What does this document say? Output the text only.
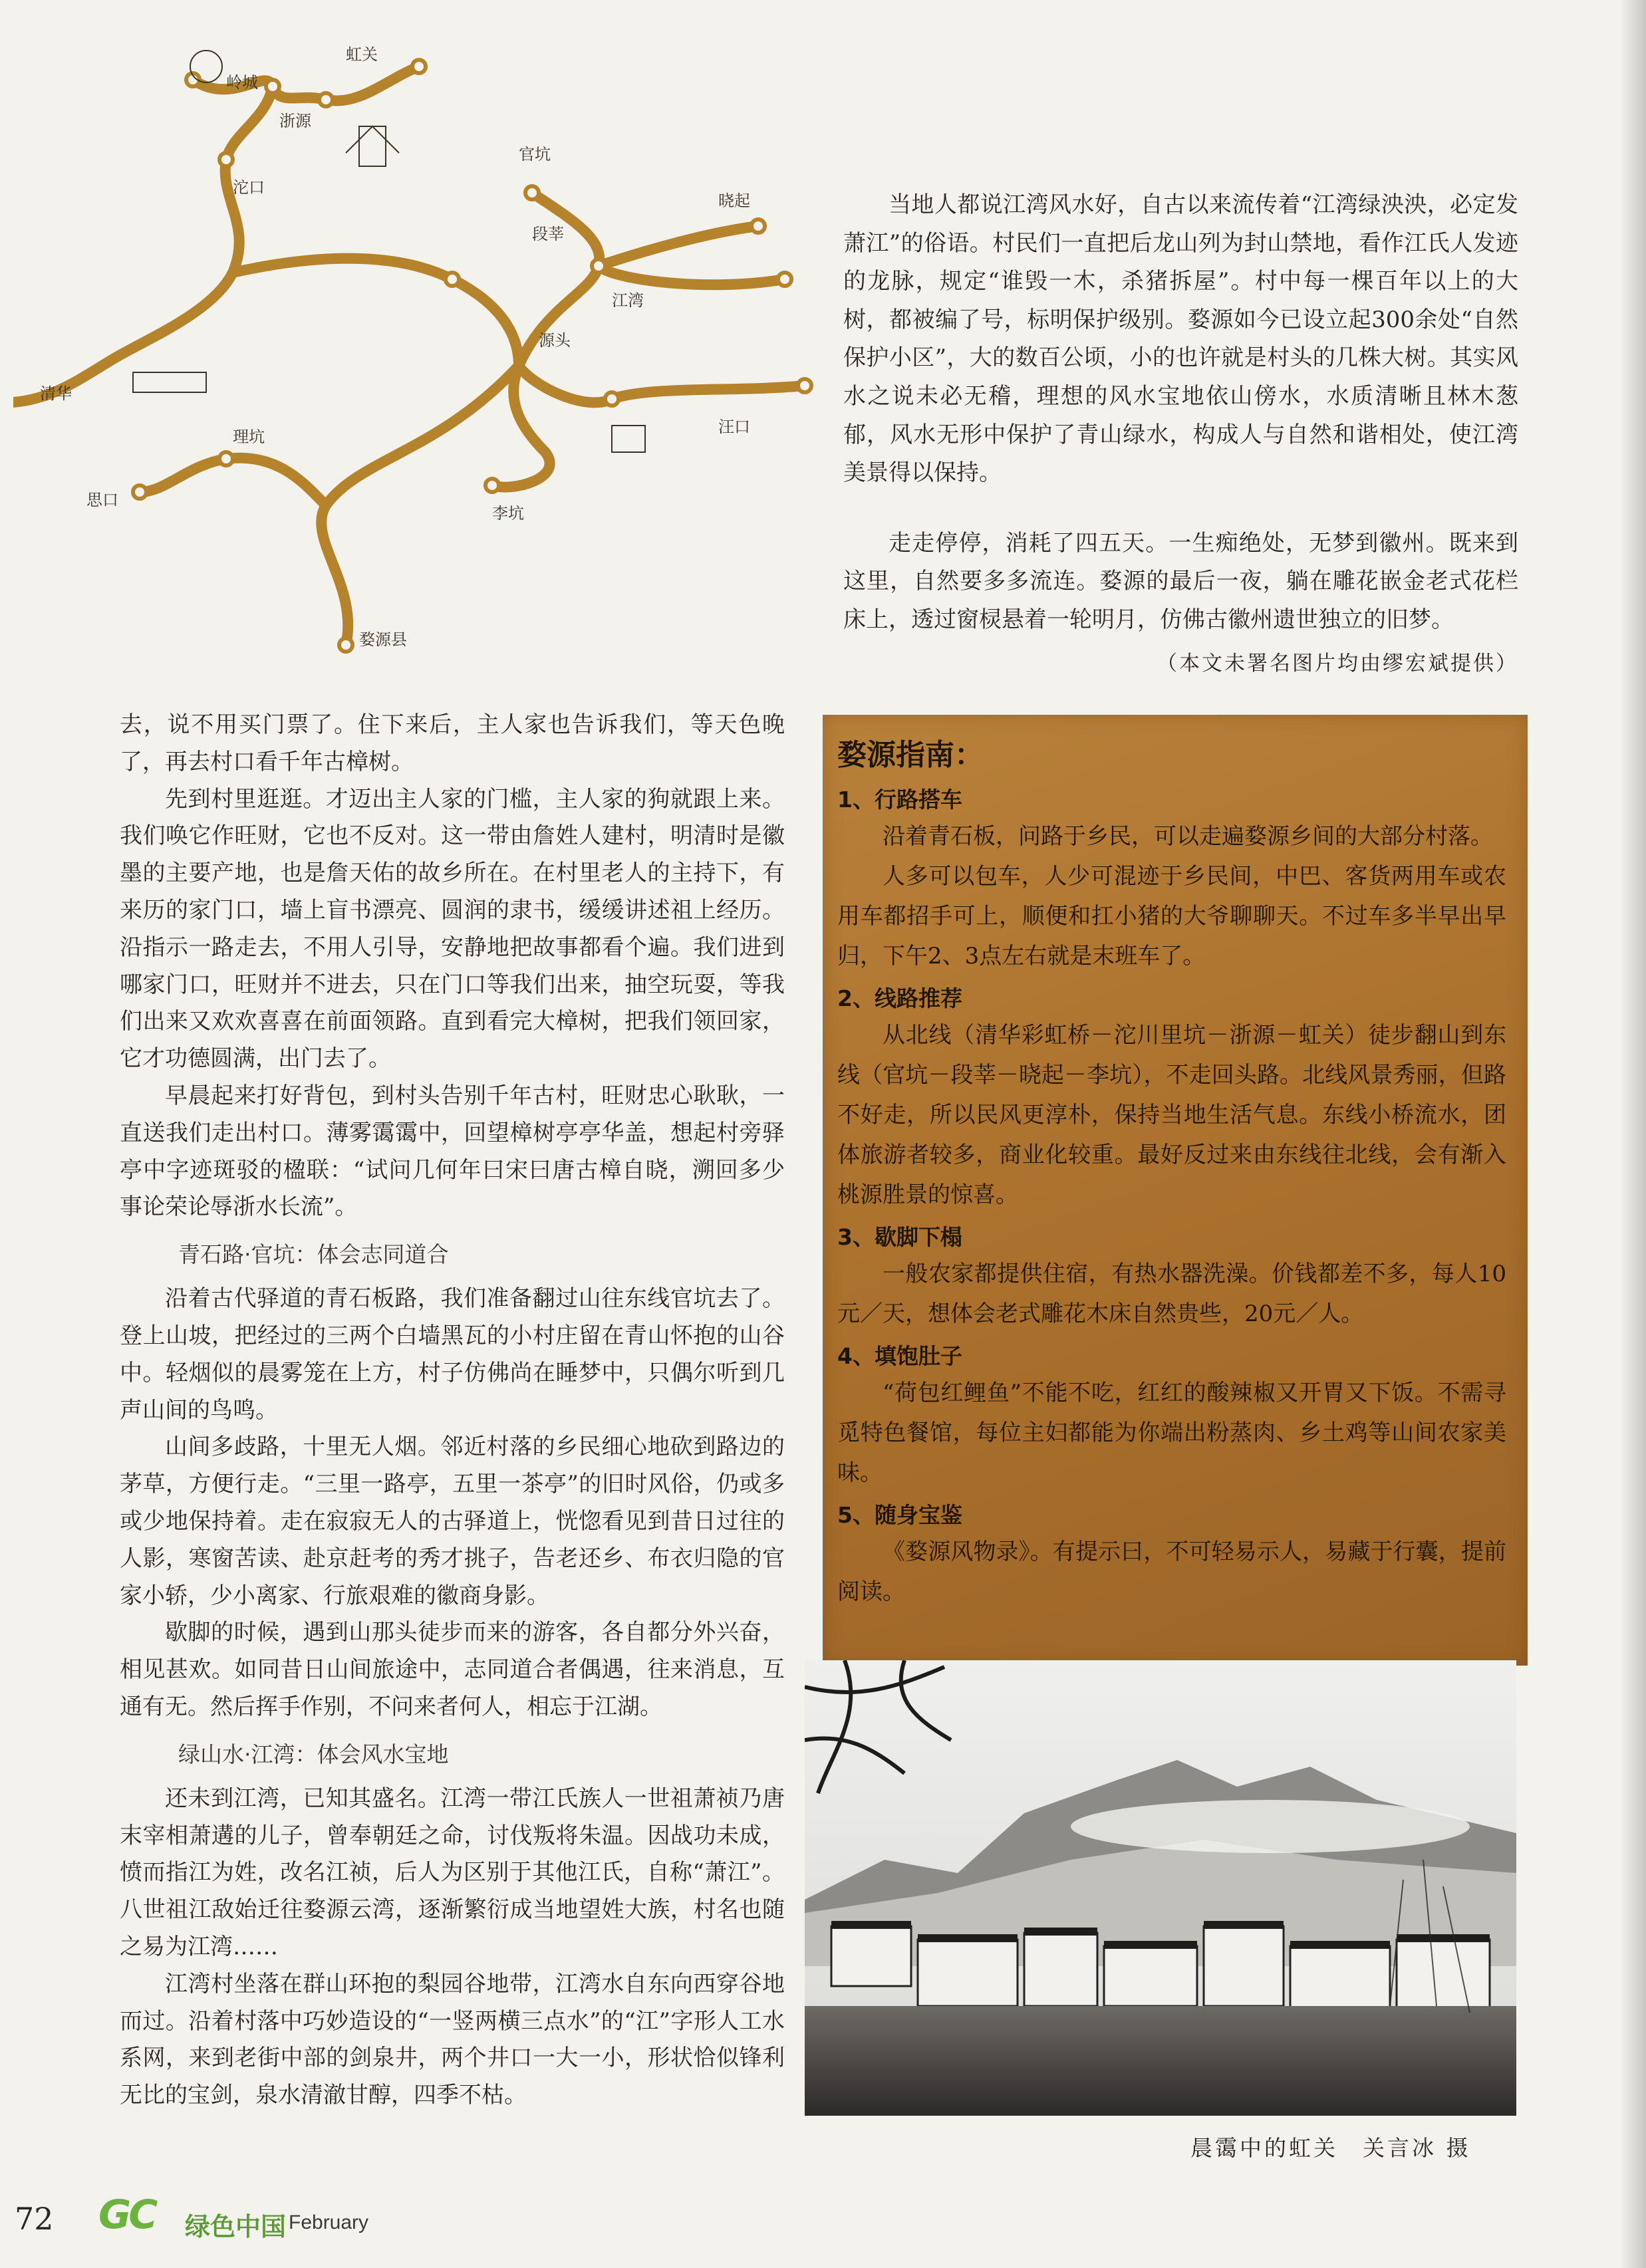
岭城
虹关
浙源
沱口
官坑
段莘
晓起
江湾
源头
汪口
李坑
婺源县
清华
思口
理坑

当地人都说江湾风水好，自古以来流传着“江湾绿泱泱，必定发萧江”的俗语。村民们一直把后龙山列为封山禁地，看作江氏人发迹的龙脉，规定“谁毁一木，杀猪拆屋”。村中每一棵百年以上的大树，都被编了号，标明保护级别。婺源如今已设立起300余处“自然保护小区”，大的数百公顷，小的也许就是村头的几株大树。其实风水之说未必无稽，理想的风水宝地依山傍水，水质清晰且林木葱郁，风水无形中保护了青山绿水，构成人与自然和谐相处，使江湾美景得以保持。

走走停停，消耗了四五天。一生痴绝处，无梦到徽州。既来到这里，自然要多多流连。婺源的最后一夜，躺在雕花嵌金老式花栏床上，透过窗棂悬着一轮明月，仿佛古徽州遗世独立的旧梦。

（本文未署名图片均由缪宏斌提供）

去，说不用买门票了。住下来后，主人家也告诉我们，等天色晚了，再去村口看千年古樟树。

先到村里逛逛。才迈出主人家的门槛，主人家的狗就跟上来。我们唤它作旺财，它也不反对。这一带由詹姓人建村，明清时是徽墨的主要产地，也是詹天佑的故乡所在。在村里老人的主持下，有来历的家门口，墙上盲书漂亮、圆润的隶书，缓缓讲述祖上经历。沿指示一路走去，不用人引导，安静地把故事都看个遍。我们进到哪家门口，旺财并不进去，只在门口等我们出来，抽空玩耍，等我们出来又欢欢喜喜在前面领路。直到看完大樟树，把我们领回家，它才功德圆满，出门去了。

早晨起来打好背包，到村头告别千年古村，旺财忠心耿耿，一直送我们走出村口。薄雾霭霭中，回望樟树亭亭华盖，想起村旁驿亭中字迹斑驳的楹联：“试问几何年曰宋曰唐古樟自晓，溯回多少事论荣论辱浙水长流”。

青石路·官坑：体会志同道合

沿着古代驿道的青石板路，我们准备翻过山往东线官坑去了。登上山坡，把经过的三两个白墙黑瓦的小村庄留在青山怀抱的山谷中。轻烟似的晨雾笼在上方，村子仿佛尚在睡梦中，只偶尔听到几声山间的鸟鸣。

山间多歧路，十里无人烟。邻近村落的乡民细心地砍到路边的茅草，方便行走。“三里一路亭，五里一茶亭”的旧时风俗，仍或多或少地保持着。走在寂寂无人的古驿道上，恍惚看见到昔日过往的人影，寒窗苦读、赴京赶考的秀才挑子，告老还乡、布衣归隐的官家小轿，少小离家、行旅艰难的徽商身影。

歇脚的时候，遇到山那头徒步而来的游客，各自都分外兴奋，相见甚欢。如同昔日山间旅途中，志同道合者偶遇，往来消息，互通有无。然后挥手作别，不问来者何人，相忘于江湖。

绿山水·江湾：体会风水宝地

还未到江湾，已知其盛名。江湾一带江氏族人一世祖萧祯乃唐末宰相萧遘的儿子，曾奉朝廷之命，讨伐叛将朱温。因战功未成，愤而指江为姓，改名江祯，后人为区别于其他江氏，自称“萧江”。八世祖江敌始迁往婺源云湾，逐渐繁衍成当地望姓大族，村名也随之易为江湾……

江湾村坐落在群山环抱的梨园谷地带，江湾水自东向西穿谷地而过。沿着村落中巧妙造设的“一竖两横三点水”的“江”字形人工水系网，来到老街中部的剑泉井，两个井口一大一小，形状恰似锋利无比的宝剑，泉水清澈甘醇，四季不枯。

婺源指南：
1、行路搭车

沿着青石板，问路于乡民，可以走遍婺源乡间的大部分村落。

人多可以包车，人少可混迹于乡民间，中巴、客货两用车或农用车都招手可上，顺便和扛小猪的大爷聊聊天。不过车多半早出早归，下午2、3点左右就是末班车了。

2、线路推荐

从北线（清华彩虹桥－沱川里坑－浙源－虹关）徒步翻山到东线（官坑－段莘－晓起－李坑），不走回头路。北线风景秀丽，但路不好走，所以民风更淳朴，保持当地生活气息。东线小桥流水，团体旅游者较多，商业化较重。最好反过来由东线往北线，会有渐入桃源胜景的惊喜。

3、歇脚下榻

一般农家都提供住宿，有热水器洗澡。价钱都差不多，每人10元／天，想体会老式雕花木床自然贵些，20元／人。

4、填饱肚子

“荷包红鲤鱼”不能不吃，红红的酸辣椒又开胃又下饭。不需寻觅特色餐馆，每位主妇都能为你端出粉蒸肉、乡土鸡等山间农家美味。

5、随身宝鉴

《婺源风物录》。有提示曰，不可轻易示人，易藏于行囊，提前阅读。

晨霭中的虹关　关言冰 摄
72 GC 绿色中国 February
